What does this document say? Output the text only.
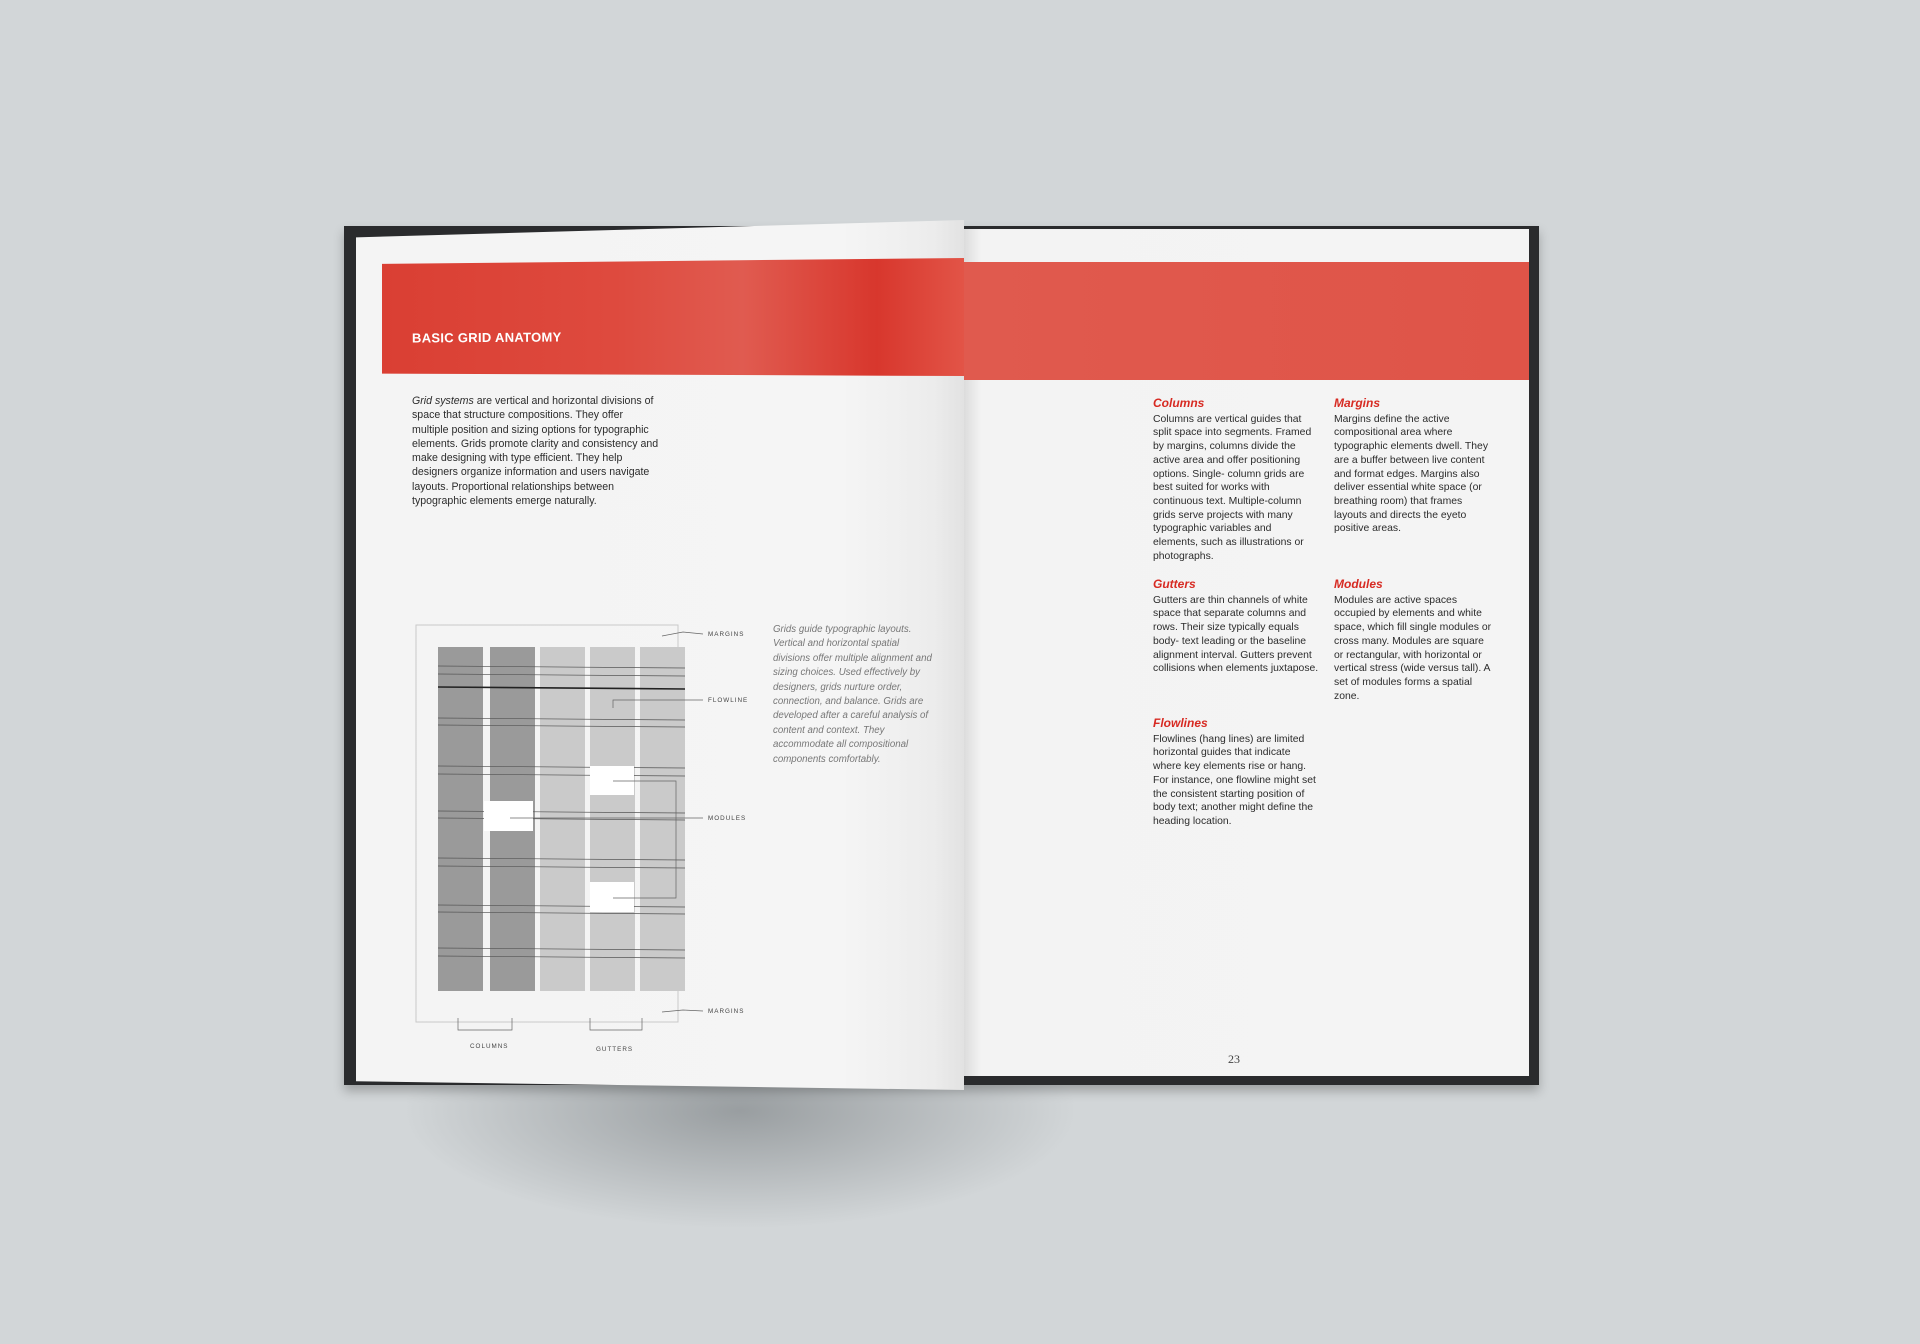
BASIC GRID ANATOMY
Grid systems are vertical and horizontal divisions of space that structure compositions. They offer multiple position and sizing options for typographic elements. Grids promote clarity and consistency and make designing with type efficient. They help designers organize information and users navigate layouts. Proportional relationships between typographic elements emerge naturally.
MARGINS
FLOWLINE
MODULES
MARGINS
COLUMNS	GUTTERS
Grids guide typographic layouts. Vertical and horizontal spatial divisions offer multiple alignment and sizing choices. Used effectively by designers, grids nurture order, connection, and balance. Grids are developed after a careful analysis of content and context. They accommodate all compositional components comfortably.
Columns
Columns are vertical guides that split space into segments. Framed by margins, columns divide the active area and offer positioning options. Single- column grids are best suited for works with continuous text. Multiple-column grids serve projects with many typographic variables and elements, such as illustrations or photographs.
Margins
Margins define the active compositional area where typographic elements dwell. They are a buffer between live content and format edges. Margins also deliver essential white space (or breathing room) that frames layouts and directs the eyeto positive areas.
Gutters
Gutters are thin channels of white space that separate columns and rows. Their size typically equals body- text leading or the baseline alignment interval. Gutters prevent collisions when elements juxtapose.
Modules
Modules are active spaces occupied by elements and white space, which fill single modules or cross many. Modules are square or rectangular, with horizontal or vertical stress (wide versus tall). A set of modules forms a spatial zone.
Flowlines
Flowlines (hang lines) are limited horizontal guides that indicate where key elements rise or hang. For instance, one flowline might set the consistent starting position of body text; another might define the heading location.
23
